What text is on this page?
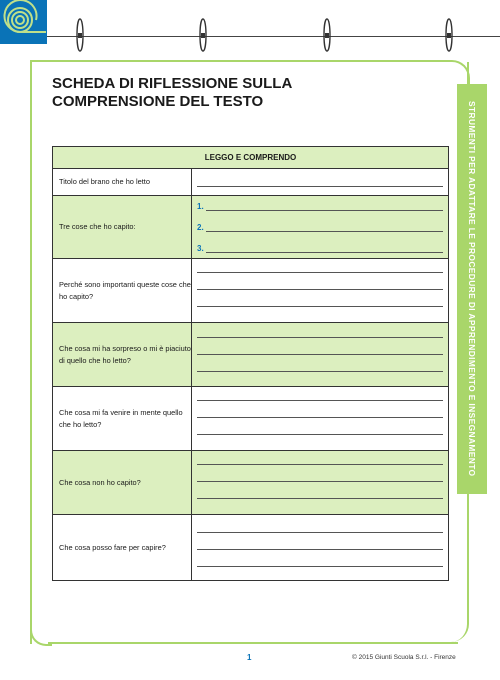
STRUMENTI PER ADATTARE LE PROCEDURE DI APPRENDIMENTO E INSEGNAMENTO
SCHEDA DI RIFLESSIONE SULLA
COMPRENSIONE DEL TESTO
LEGGO E COMPRENDO	
Titolo del brano che ho letto	

Tre cose che ho capito:	1.
2.
3.

Perché sono importanti queste cose che ho capito?	

Che cosa mi ha sorpreso o mi è piaciuto di quello che ho letto?	

Che cosa mi fa venire in mente quello che ho letto?	

Che cosa non ho capito?	

Che cosa posso fare per capire?	
1	© 2015 Giunti Scuola S.r.l. - Firenze
